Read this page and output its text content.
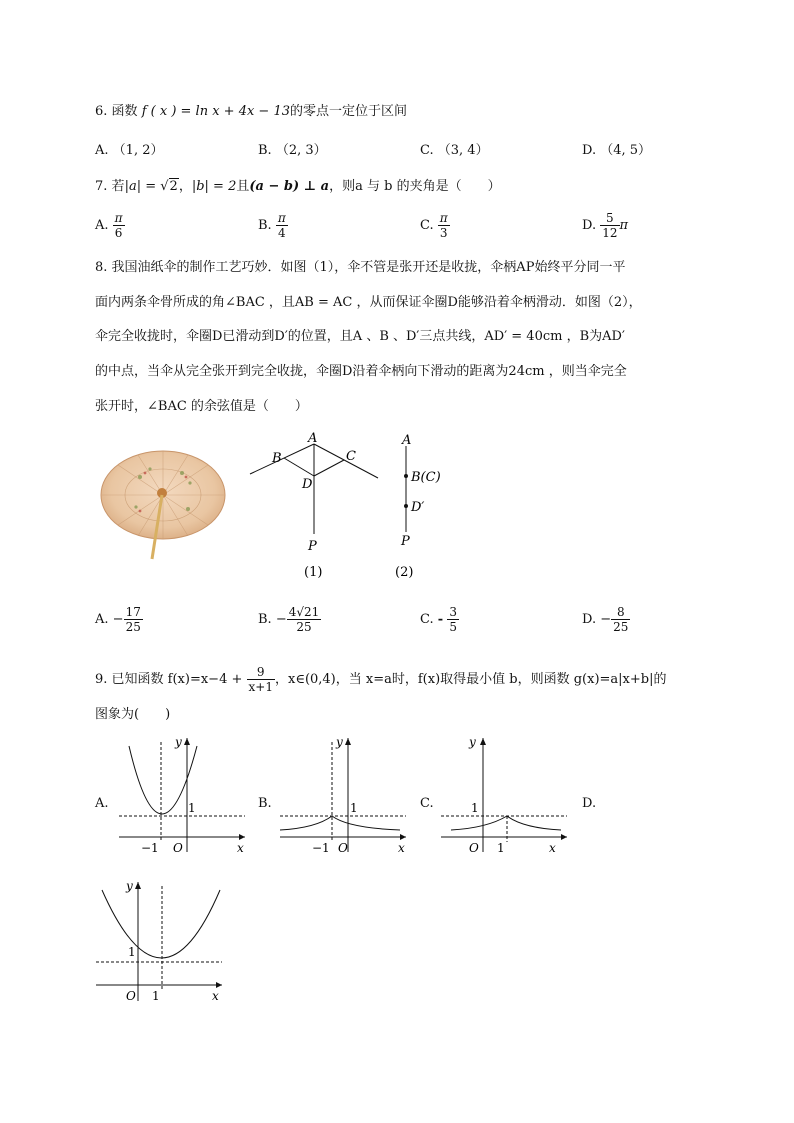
6. 函数 f ( x ) = ln x + 4x − 13的零点一定位于区间
A. （1, 2）	B. （2, 3）	C. （3, 4）	D. （4, 5）
7. 若|a| = √2，|b| = 2且(a − b) ⊥ a，则a 与 b 的夹角是（　　）
A. $\frac{\pi}{6}$	B. $\frac{\pi}{4}$	C. $\frac{\pi}{3}$	D. $\frac{5}{12}$ π
8. 我国油纸伞的制作工艺巧妙．如图（1），伞不管是张开还是收拢，伞柄AP始终平分同一平
面内两条伞骨所成的角∠BAC ，且AB = AC ，从而保证伞圈D能够沿着伞柄滑动．如图（2），
伞完全收拢时，伞圈D已滑动到D′的位置，且A 、B 、D′三点共线，AD′ = 40cm ，B为AD′
的中点，当伞从完全张开到完全收拢，伞圈D沿着伞柄向下滑动的距离为24cm ，则当伞完全
张开时，∠BAC 的余弦值是（　　）
A
B	C
D
P
(1)
A
B(C)
D′
P
(2)
A. − $\frac{17}{25}$	B. − $\frac{4√21}{25}$	C. - $\frac{3}{5}$	D. − $\frac{8}{25}$
9. 已知函数 $f(x)=x-4 + \frac{9}{x+1}$ ，x∈(0,4)，当 x=a时，f(x)取得最小值 b，则函数 g(x)=a|x+b|的
图象为(　　)
A.
y
1
−1 O	x
B.
y
1
−1 O	x
C.
y
1
O 1	x
D.
y
1
O 1	x
